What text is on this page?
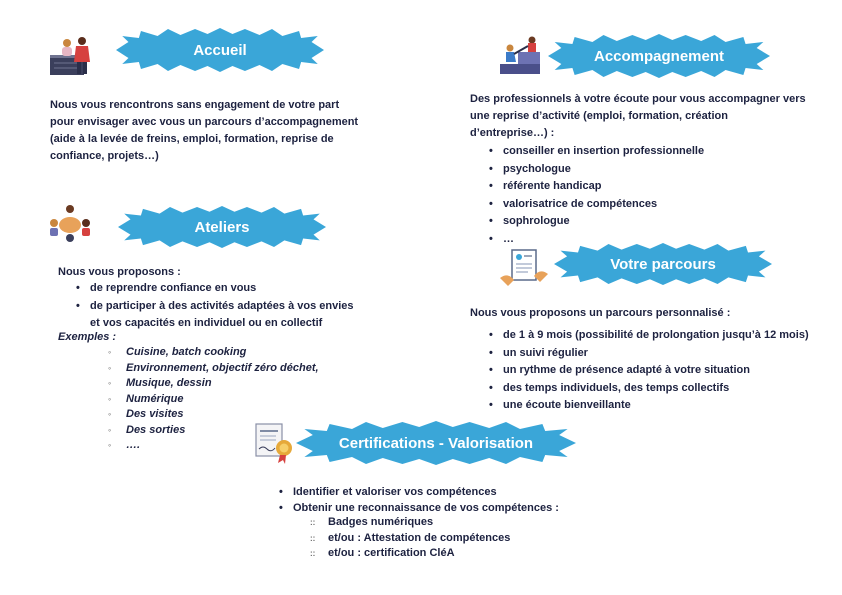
Accueil

Nous vous rencontrons sans engagement de votre part
pour envisager avec vous un parcours d’accompagnement
(aide à la levée de freins, emploi, formation, reprise de
confiance, projets…)

Accompagnement

Des professionnels à votre écoute pour vous accompagner vers
une reprise d’activité (emploi, formation, création
d’entreprise…) :

• conseiller en insertion professionnelle
• psychologue
• référente handicap
• valorisatrice de compétences
• sophrologue
• …
Ateliers

Nous vous proposons :

• de reprendre confiance en vous
• de participer à des activités adaptées à vos envies
et vos capacités en individuel ou en collectif

Exemples :

◦ Cuisine, batch cooking
◦ Environnement, objectif zéro déchet,
◦ Musique, dessin
◦ Numérique
◦ Des visites
◦ Des sorties
◦ ….
Votre parcours

Nous vous proposons un parcours personnalisé :

• de 1 à 9 mois (possibilité de prolongation jusqu’à 12 mois)
• un suivi régulier
• un rythme de présence adapté à votre situation
• des temps individuels, des temps collectifs
• une écoute bienveillante
Certifications - Valorisation
• Identifier et valoriser vos compétences
• Obtenir une reconnaissance de vos compétences :
:: Badges numériques
:: et/ou : Attestation de compétences
:: et/ou : certification CléA
